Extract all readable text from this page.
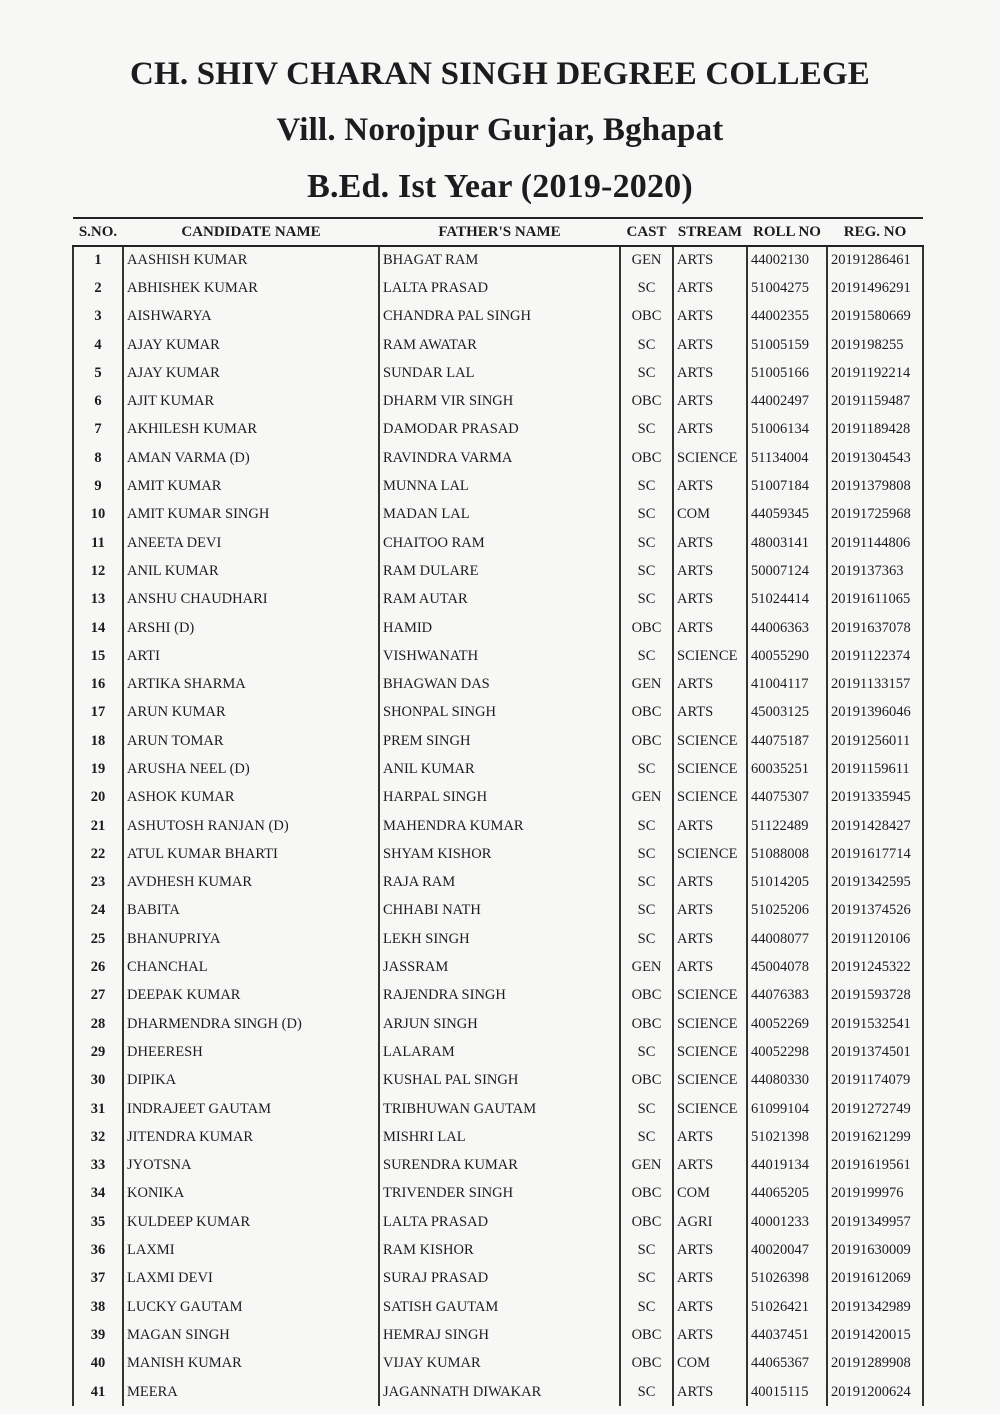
CH. SHIV CHARAN SINGH DEGREE COLLEGE
Vill. Norojpur Gurjar, Bghapat
B.Ed. Ist Year (2019-2020)
S.NO.	CANDIDATE NAME	FATHER'S NAME	CAST	STREAM	ROLL NO	REG. NO
1	AASHISH KUMAR	BHAGAT RAM	GEN	ARTS	44002130	20191286461
2	ABHISHEK KUMAR	LALTA PRASAD	SC	ARTS	51004275	20191496291
3	AISHWARYA	CHANDRA PAL SINGH	OBC	ARTS	44002355	20191580669
4	AJAY KUMAR	RAM AWATAR	SC	ARTS	51005159	2019198255
5	AJAY KUMAR	SUNDAR LAL	SC	ARTS	51005166	20191192214
6	AJIT KUMAR	DHARM VIR SINGH	OBC	ARTS	44002497	20191159487
7	AKHILESH KUMAR	DAMODAR PRASAD	SC	ARTS	51006134	20191189428
8	AMAN VARMA (D)	RAVINDRA VARMA	OBC	SCIENCE	51134004	20191304543
9	AMIT KUMAR	MUNNA LAL	SC	ARTS	51007184	20191379808
10	AMIT KUMAR SINGH	MADAN LAL	SC	COM	44059345	20191725968
11	ANEETA DEVI	CHAITOO RAM	SC	ARTS	48003141	20191144806
12	ANIL KUMAR	RAM DULARE	SC	ARTS	50007124	2019137363
13	ANSHU CHAUDHARI	RAM AUTAR	SC	ARTS	51024414	20191611065
14	ARSHI (D)	HAMID	OBC	ARTS	44006363	20191637078
15	ARTI	VISHWANATH	SC	SCIENCE	40055290	20191122374
16	ARTIKA SHARMA	BHAGWAN DAS	GEN	ARTS	41004117	20191133157
17	ARUN KUMAR	SHONPAL SINGH	OBC	ARTS	45003125	20191396046
18	ARUN TOMAR	PREM SINGH	OBC	SCIENCE	44075187	20191256011
19	ARUSHA NEEL (D)	ANIL KUMAR	SC	SCIENCE	60035251	20191159611
20	ASHOK KUMAR	HARPAL SINGH	GEN	SCIENCE	44075307	20191335945
21	ASHUTOSH RANJAN (D)	MAHENDRA KUMAR	SC	ARTS	51122489	20191428427
22	ATUL KUMAR BHARTI	SHYAM KISHOR	SC	SCIENCE	51088008	20191617714
23	AVDHESH KUMAR	RAJA RAM	SC	ARTS	51014205	20191342595
24	BABITA	CHHABI NATH	SC	ARTS	51025206	20191374526
25	BHANUPRIYA	LEKH SINGH	SC	ARTS	44008077	20191120106
26	CHANCHAL	JASSRAM	GEN	ARTS	45004078	20191245322
27	DEEPAK KUMAR	RAJENDRA SINGH	OBC	SCIENCE	44076383	20191593728
28	DHARMENDRA SINGH (D)	ARJUN SINGH	OBC	SCIENCE	40052269	20191532541
29	DHEERESH	LALARAM	SC	SCIENCE	40052298	20191374501
30	DIPIKA	KUSHAL PAL SINGH	OBC	SCIENCE	44080330	20191174079
31	INDRAJEET GAUTAM	TRIBHUWAN GAUTAM	SC	SCIENCE	61099104	20191272749
32	JITENDRA KUMAR	MISHRI LAL	SC	ARTS	51021398	20191621299
33	JYOTSNA	SURENDRA KUMAR	GEN	ARTS	44019134	20191619561
34	KONIKA	TRIVENDER SINGH	OBC	COM	44065205	2019199976
35	KULDEEP KUMAR	LALTA PRASAD	OBC	AGRI	40001233	20191349957
36	LAXMI	RAM KISHOR	SC	ARTS	40020047	20191630009
37	LAXMI DEVI	SURAJ PRASAD	SC	ARTS	51026398	20191612069
38	LUCKY GAUTAM	SATISH GAUTAM	SC	ARTS	51026421	20191342989
39	MAGAN SINGH	HEMRAJ SINGH	OBC	ARTS	44037451	20191420015
40	MANISH KUMAR	VIJAY KUMAR	OBC	COM	44065367	20191289908
41	MEERA	JAGANNATH DIWAKAR	SC	ARTS	40015115	20191200624
